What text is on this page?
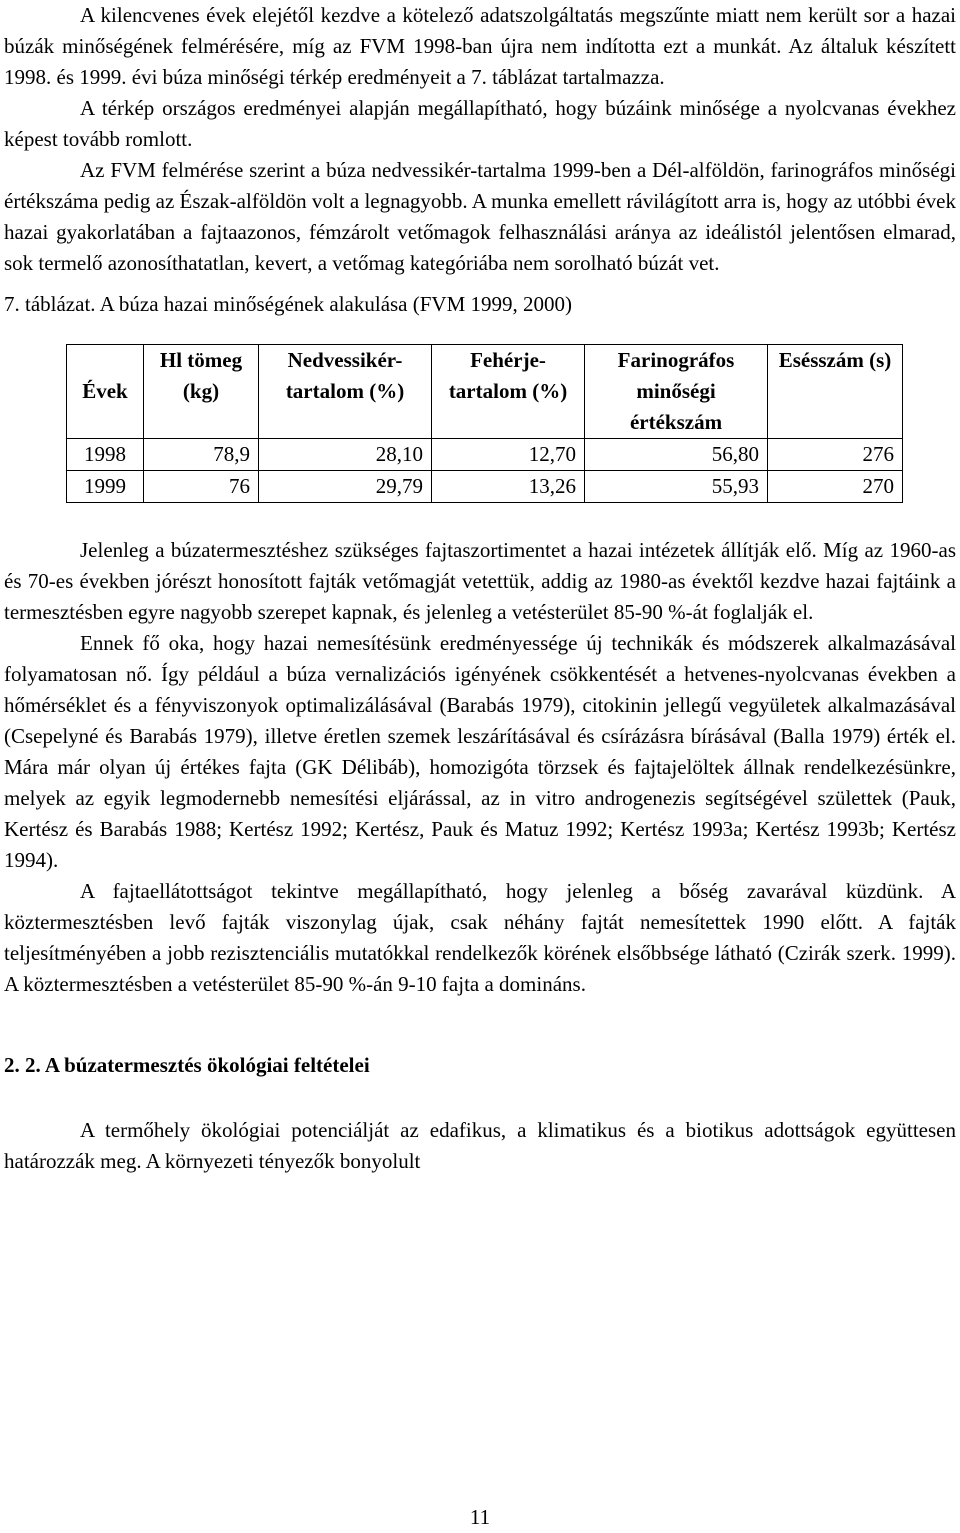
A kilencvenes évek elejétől kezdve a kötelező adatszolgáltatás megszűnte miatt nem került sor a hazai búzák minőségének felmérésére, míg az FVM 1998-ban újra nem indította ezt a munkát. Az általuk készített 1998. és 1999. évi búza minőségi térkép eredményeit a 7. táblázat tartalmazza.

A térkép országos eredményei alapján megállapítható, hogy búzáink minősége a nyolcvanas évekhez képest tovább romlott.

Az FVM felmérése szerint a búza nedvessikér-tartalma 1999-ben a Dél-alföldön, farinográfos minőségi értékszáma pedig az Észak-alföldön volt a legnagyobb. A munka emellett rávilágított arra is, hogy az utóbbi évek hazai gyakorlatában a fajtaazonos, fémzárolt vetőmagok felhasználási aránya az ideálistól jelentősen elmarad, sok termelő azonosíthatatlan, kevert, a vetőmag kategóriába nem sorolható búzát vet.

7. táblázat. A búza hazai minőségének alakulása (FVM 1999, 2000)

Évek	Hl tömeg (kg)	Nedvessikér-tartalom (%)	Fehérje-tartalom (%)	Farinográfos minőségi értékszám	Esésszám (s)
1998	78,9	28,10	12,70	56,80	276
1999	76	29,79	13,26	55,93	270

Jelenleg a búzatermesztéshez szükséges fajtaszortimentet a hazai intézetek állítják elő. Míg az 1960-as és 70-es években jórészt honosított fajták vetőmagját vetettük, addig az 1980-as évektől kezdve hazai fajtáink a termesztésben egyre nagyobb szerepet kapnak, és jelenleg a vetésterület 85-90 %-át foglalják el.

Ennek fő oka, hogy hazai nemesítésünk eredményessége új technikák és módszerek alkalmazásával folyamatosan nő. Így például a búza vernalizációs igényének csökkentését a hetvenes-nyolcvanas években a hőmérséklet és a fényviszonyok optimalizálásával (Barabás 1979), citokinin jellegű vegyületek alkalmazásával (Csepelyné és Barabás 1979), illetve éretlen szemek leszárításával és csírázásra bírásával (Balla 1979) érték el. Mára már olyan új értékes fajta (GK Délibáb), homozigóta törzsek és fajtajelöltek állnak rendelkezésünkre, melyek az egyik legmodernebb nemesítési eljárással, az in vitro androgenezis segítségével születtek (Pauk, Kertész és Barabás 1988; Kertész 1992; Kertész, Pauk és Matuz 1992; Kertész 1993a; Kertész 1993b; Kertész 1994).

A fajtaellátottságot tekintve megállapítható, hogy jelenleg a bőség zavarával küzdünk. A köztermesztésben levő fajták viszonylag újak, csak néhány fajtát nemesítettek 1990 előtt. A fajták teljesítményében a jobb rezisztenciális mutatókkal rendelkezők körének elsőbbsége látható (Czirák szerk. 1999). A köztermesztésben a vetésterület 85-90 %-án 9-10 fajta a domináns.

2. 2. A búzatermesztés ökológiai feltételei

A termőhely ökológiai potenciálját az edafikus, a klimatikus és a biotikus adottságok együttesen határozzák meg. A környezeti tényezők bonyolult

11
